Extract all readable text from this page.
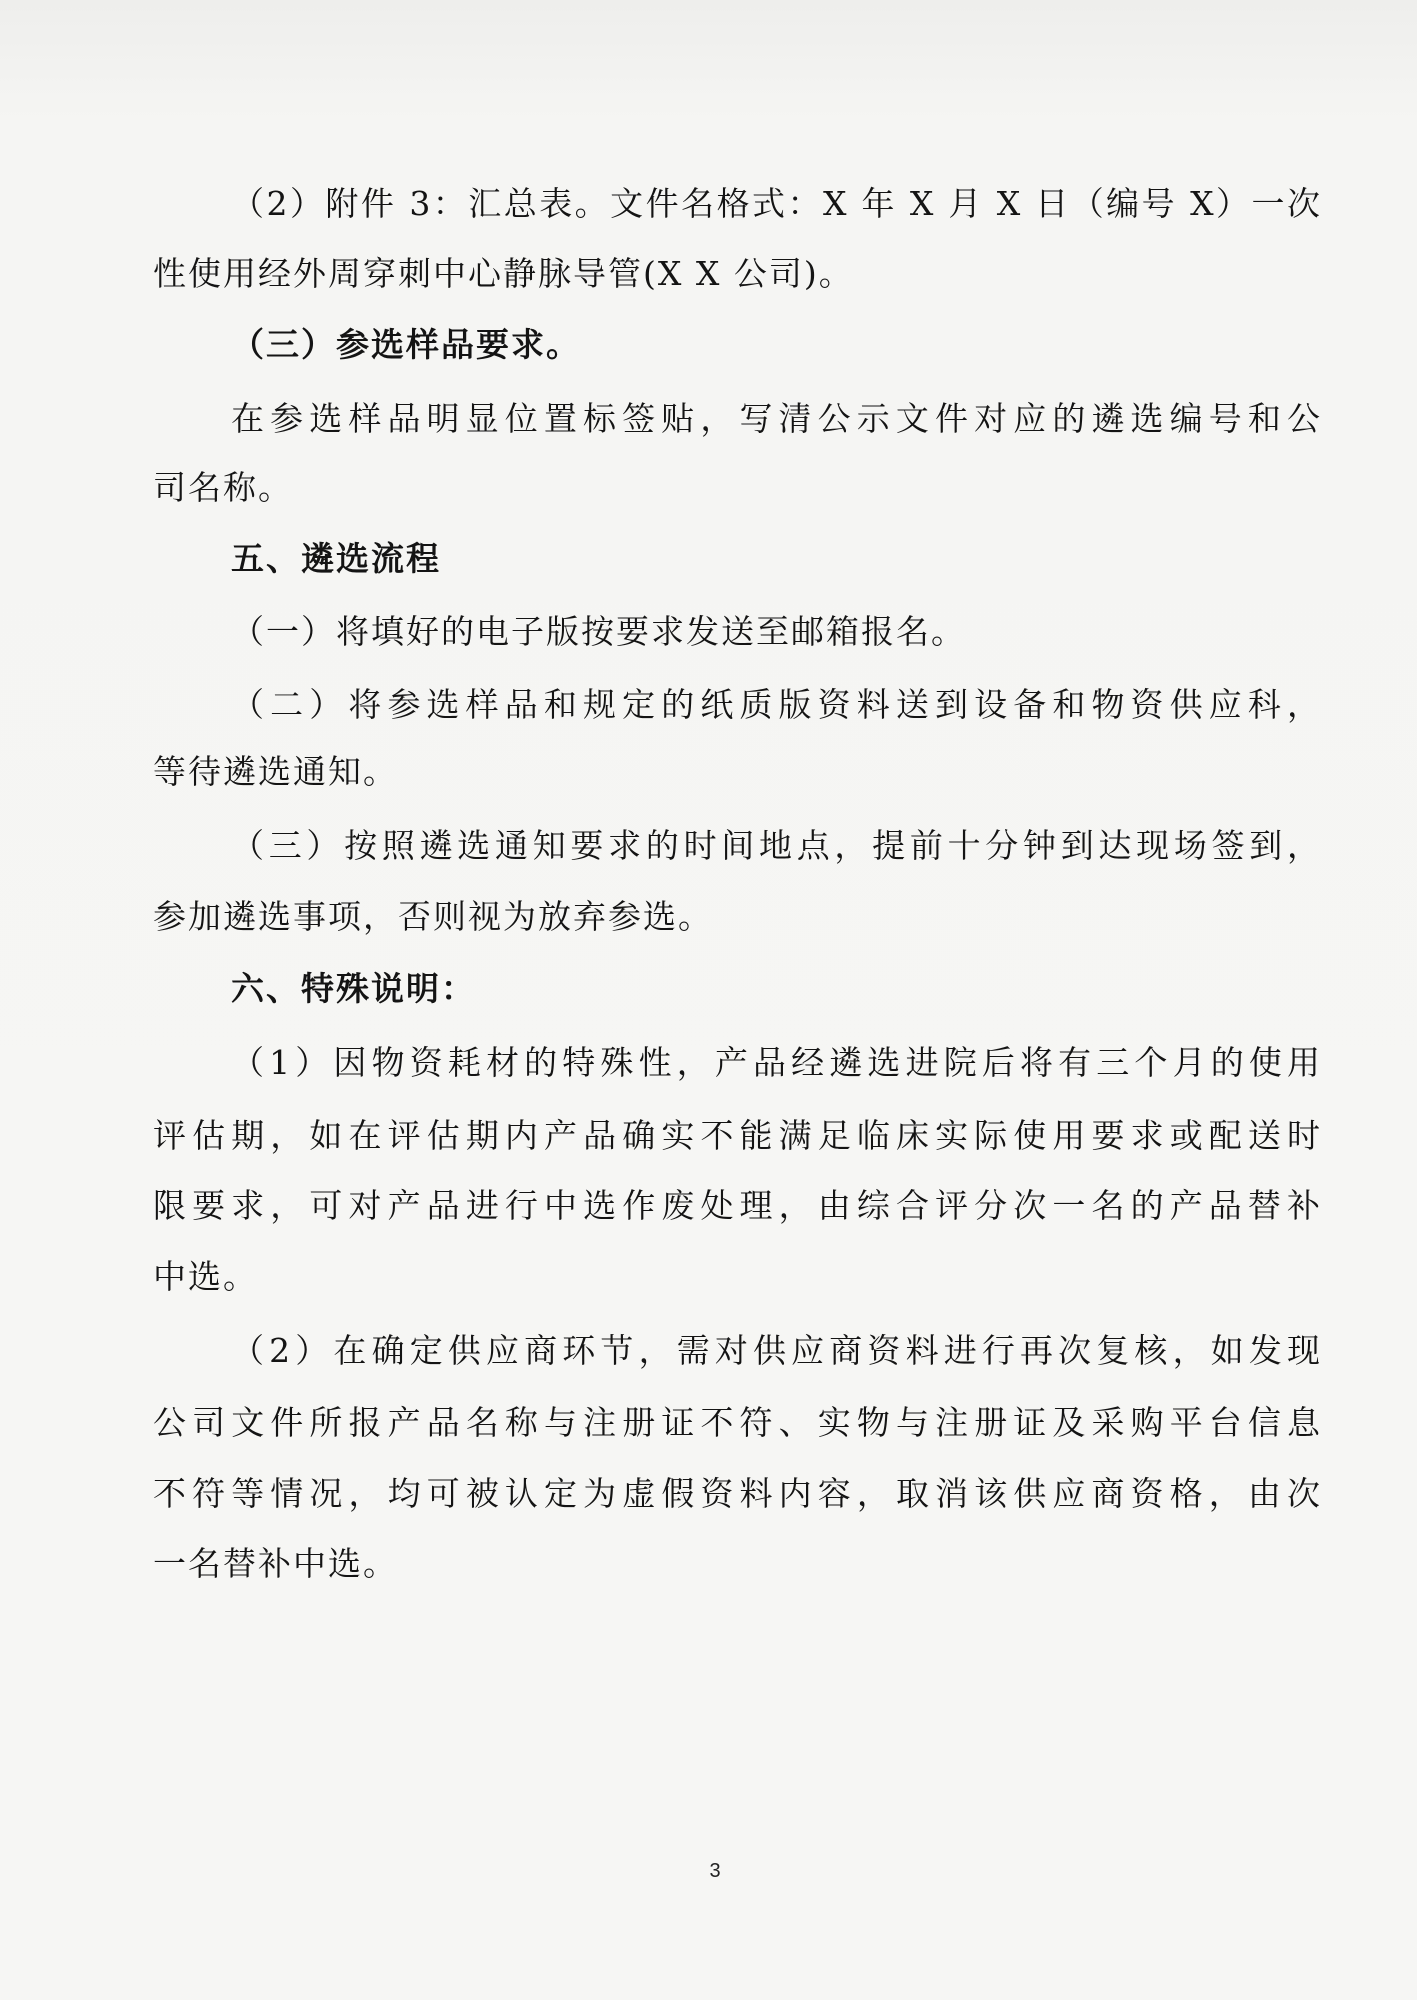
（2）附件 3：汇总表。文件名格式：X 年 X 月 X 日（编号 X）一次
性使用经外周穿刺中心静脉导管(X X 公司)。
（三）参选样品要求。
在参选样品明显位置标签贴，写清公示文件对应的遴选编号和公
司名称。
五、遴选流程
（一）将填好的电子版按要求发送至邮箱报名。
（二）将参选样品和规定的纸质版资料送到设备和物资供应科，
等待遴选通知。
（三）按照遴选通知要求的时间地点，提前十分钟到达现场签到，
参加遴选事项，否则视为放弃参选。
六、特殊说明：
（1）因物资耗材的特殊性，产品经遴选进院后将有三个月的使用
评估期，如在评估期内产品确实不能满足临床实际使用要求或配送时
限要求，可对产品进行中选作废处理，由综合评分次一名的产品替补
中选。
（2）在确定供应商环节，需对供应商资料进行再次复核，如发现
公司文件所报产品名称与注册证不符、实物与注册证及采购平台信息
不符等情况，均可被认定为虚假资料内容，取消该供应商资格，由次
一名替补中选。
3
